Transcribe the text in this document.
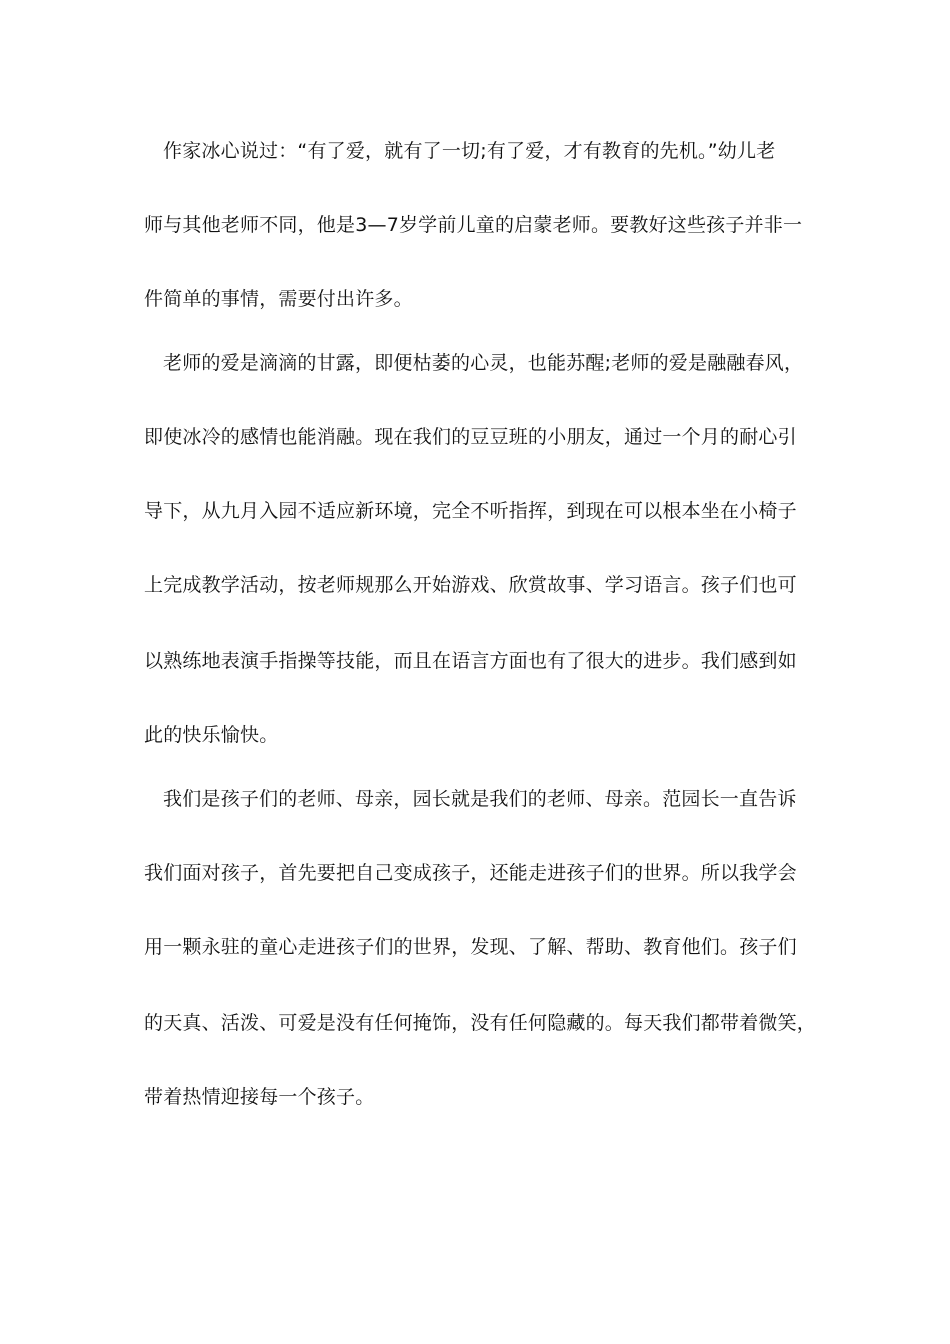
作家冰心说过：“有了爱，就有了一切;有了爱，才有教育的先机。”幼儿老
师与其他老师不同，他是3—7岁学前儿童的启蒙老师。要教好这些孩子并非一
件简单的事情，需要付出许多。
老师的爱是滴滴的甘露，即便枯萎的心灵，也能苏醒;老师的爱是融融春风，
即使冰冷的感情也能消融。现在我们的豆豆班的小朋友，通过一个月的耐心引
导下，从九月入园不适应新环境，完全不听指挥，到现在可以根本坐在小椅子
上完成教学活动，按老师规那么开始游戏、欣赏故事、学习语言。孩子们也可
以熟练地表演手指操等技能，而且在语言方面也有了很大的进步。我们感到如
此的快乐愉快。
我们是孩子们的老师、母亲，园长就是我们的老师、母亲。范园长一直告诉
我们面对孩子，首先要把自己变成孩子，还能走进孩子们的世界。所以我学会
用一颗永驻的童心走进孩子们的世界，发现、了解、帮助、教育他们。孩子们
的天真、活泼、可爱是没有任何掩饰，没有任何隐藏的。每天我们都带着微笑，
带着热情迎接每一个孩子。
